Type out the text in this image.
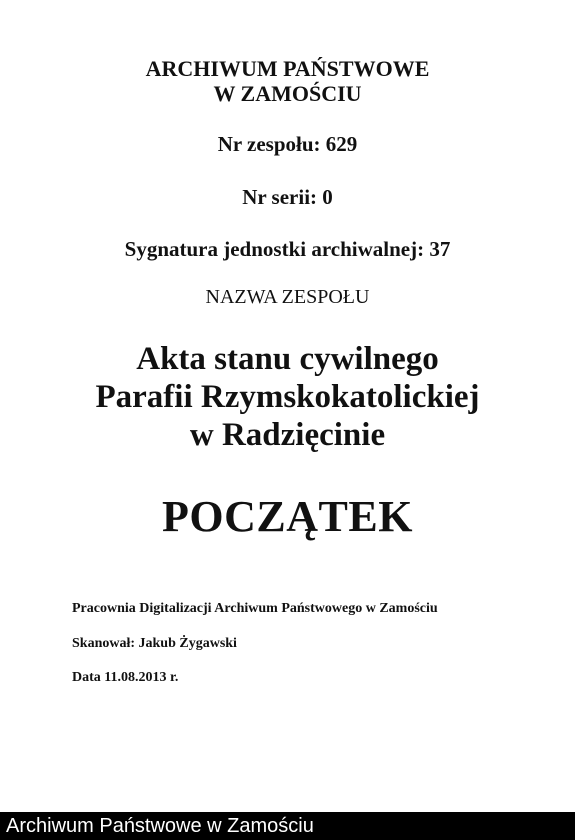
ARCHIWUM PAŃSTWOWE
W ZAMOŚCIU
Nr zespołu: 629
Nr serii: 0
Sygnatura jednostki archiwalnej: 37
NAZWA ZESPOŁU
Akta stanu cywilnego
Parafii Rzymskokatolickiej
w Radzięcinie
POCZĄTEK
Pracownia Digitalizacji Archiwum Państwowego w Zamościu
Skanował: Jakub Żygawski
Data 11.08.2013 r.
Archiwum Państwowe w Zamościu
